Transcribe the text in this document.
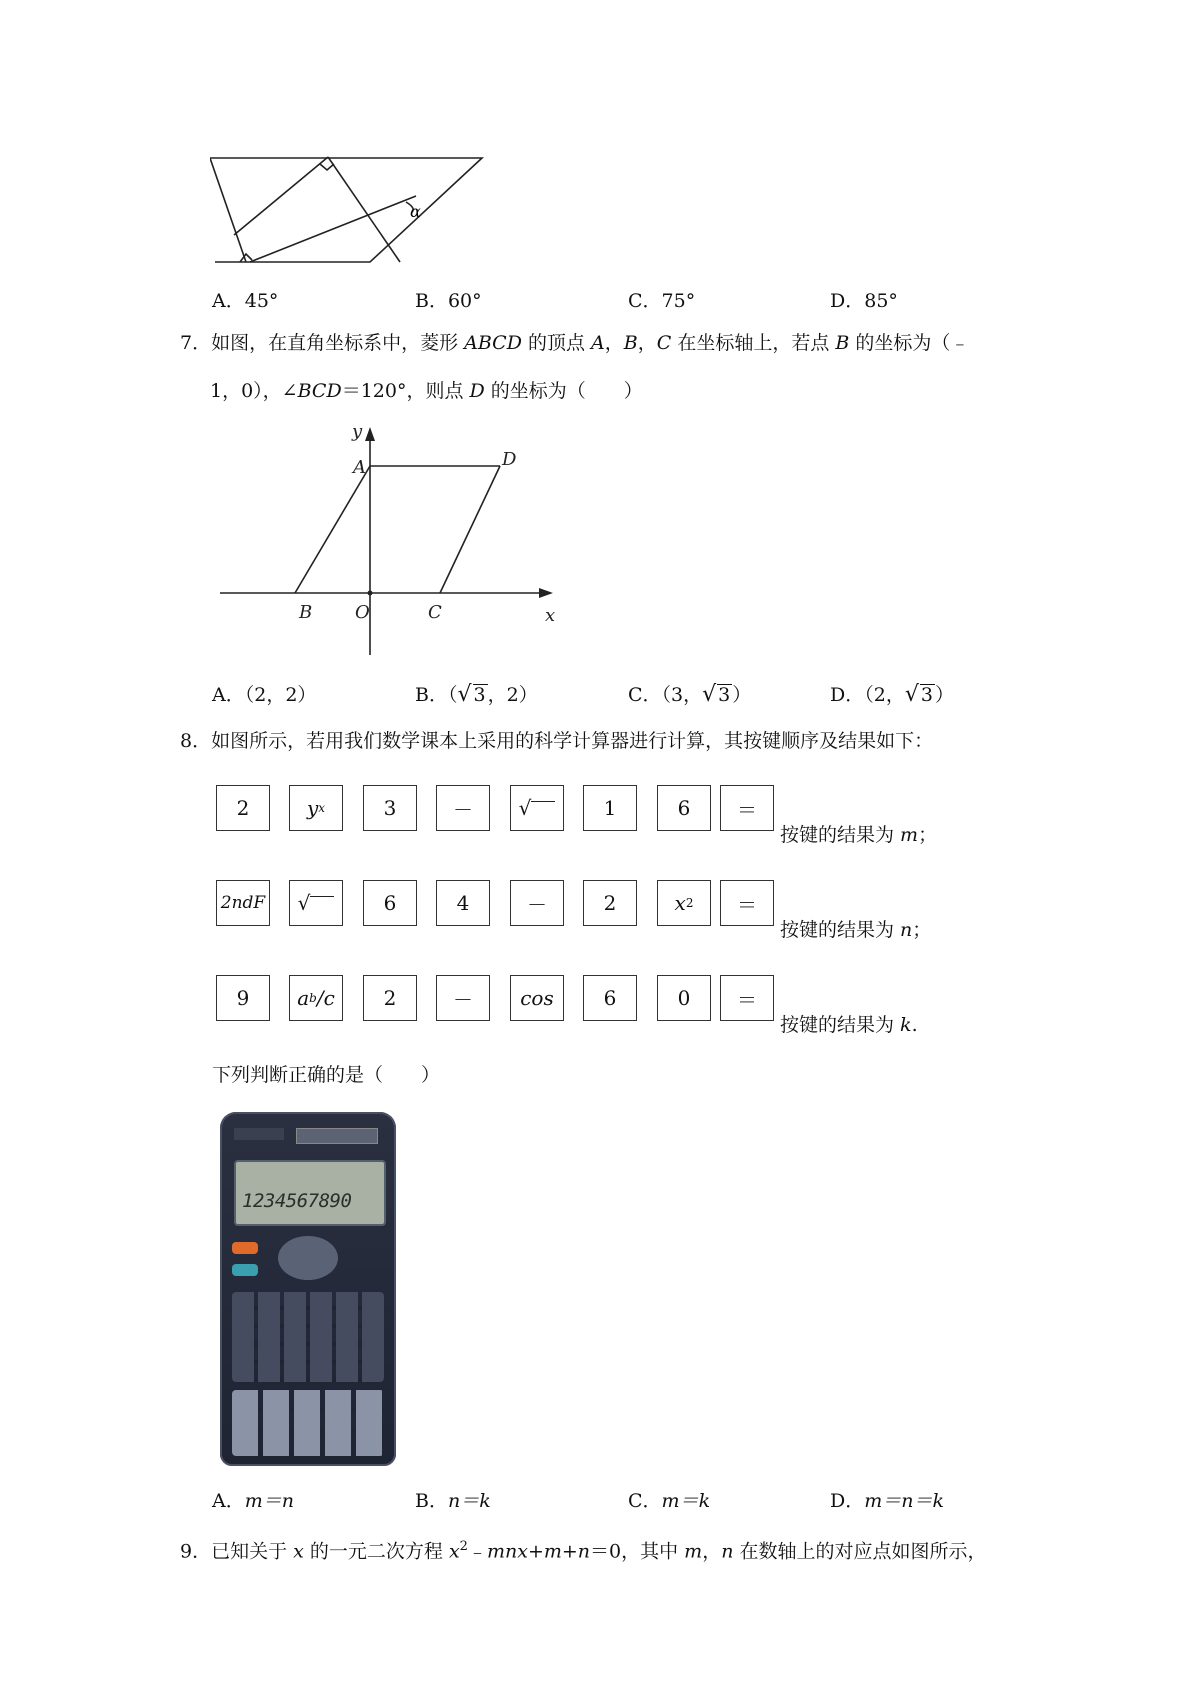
α
A．45°	B．60°	C．75°	D．85°
7．如图，在直角坐标系中，菱形 ABCD 的顶点 A，B，C 在坐标轴上，若点 B 的坐标为（﹣
1，0），∠BCD＝120°，则点 D 的坐标为（　　）
y
x
A	D
B O	C
A．（2，2）	B．（√ 3 ，2）	C．（3，√ 3 ）	D．（2，√ 3 ）
8．如图所示，若用我们数学课本上采用的科学计算器进行计算，其按键顺序及结果如下：
2	y x	3	－ √	1	6 ＝
按键的结果为 m；
2ndF √	6	4	－	2	x 2 ＝
按键的结果为 n；
9 a b /c 2	－ cos 6	0 ＝
按键的结果为 k.
下列判断正确的是（　　）
1234567890
A．m＝n	B．n＝k	C．m＝k	D．m＝n＝k
9．已知关于 x 的一元二次方程 $x^2﹣mnx+m+n=0$，其中 m，n 在数轴上的对应点如图所示，
